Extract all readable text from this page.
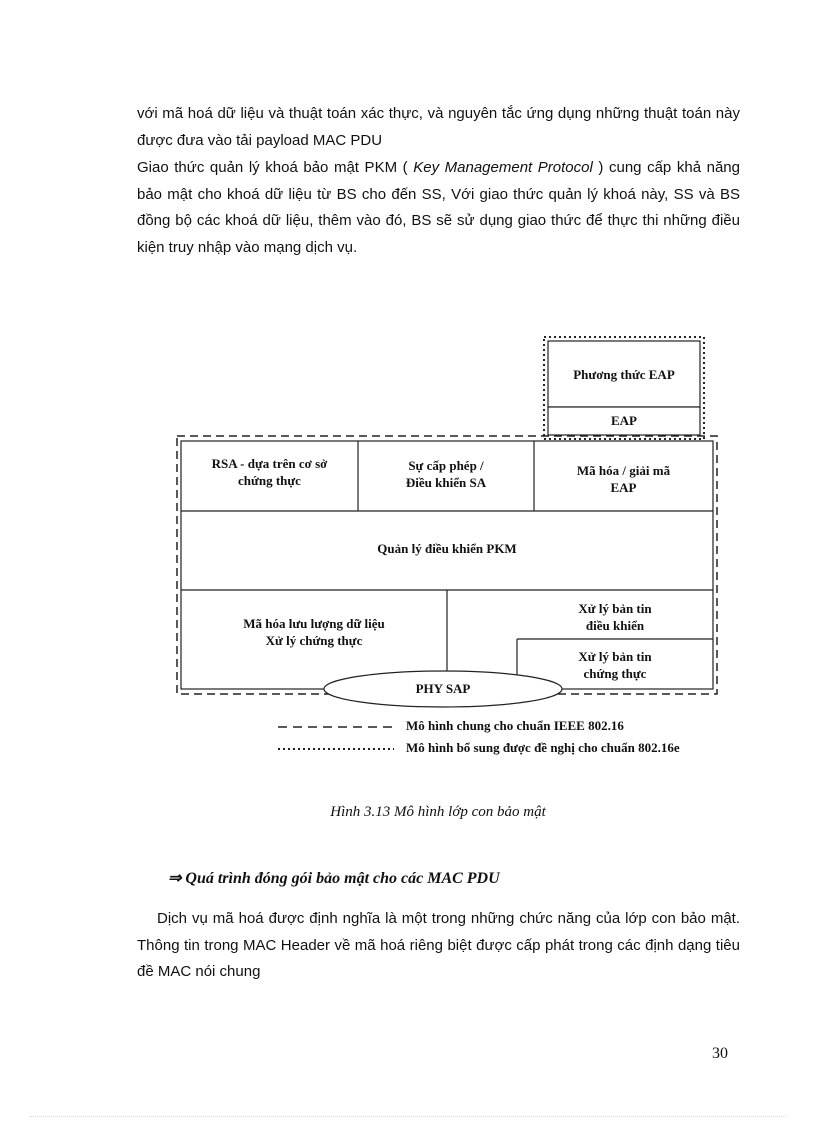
với mã hoá dữ liệu và thuật toán xác thực, và nguyên tắc ứng dụng những thuật toán này được đưa vào tải payload MAC PDU

Giao thức quản lý khoá bảo mật PKM ( Key Management Protocol ) cung cấp khả năng bảo mật cho khoá dữ liệu từ BS cho đến SS, Với giao thức quản lý khoá này, SS và BS đồng bộ các khoá dữ liệu, thêm vào đó, BS sẽ sử dụng giao thức để thực thi những điều kiện truy nhập vào mạng dịch vụ.

Phương thức EAP
EAP
RSA - dựa trên cơ sở
chứng thực
Sự cấp phép /
Điều khiển SA
Mã hóa / giải mã
EAP
Quản lý điều khiển PKM
Mã hóa lưu lượng dữ liệu
Xử lý chứng thực
Xử lý bản tin
điều khiển
Xử lý bản tin
chứng thực
PHY SAP
Mô hình chung cho chuẩn IEEE 802.16
Mô hình bổ sung được đề nghị cho chuẩn 802.16e
Hình 3.13 Mô hình lớp con bảo mật
⇒ Quá trình đóng gói bảo mật cho các MAC PDU

Dịch vụ mã hoá được định nghĩa là một trong những chức năng của lớp con bảo mật. Thông tin trong MAC Header về mã hoá riêng biệt được cấp phát trong các định dạng tiêu đề MAC nói chung

30
